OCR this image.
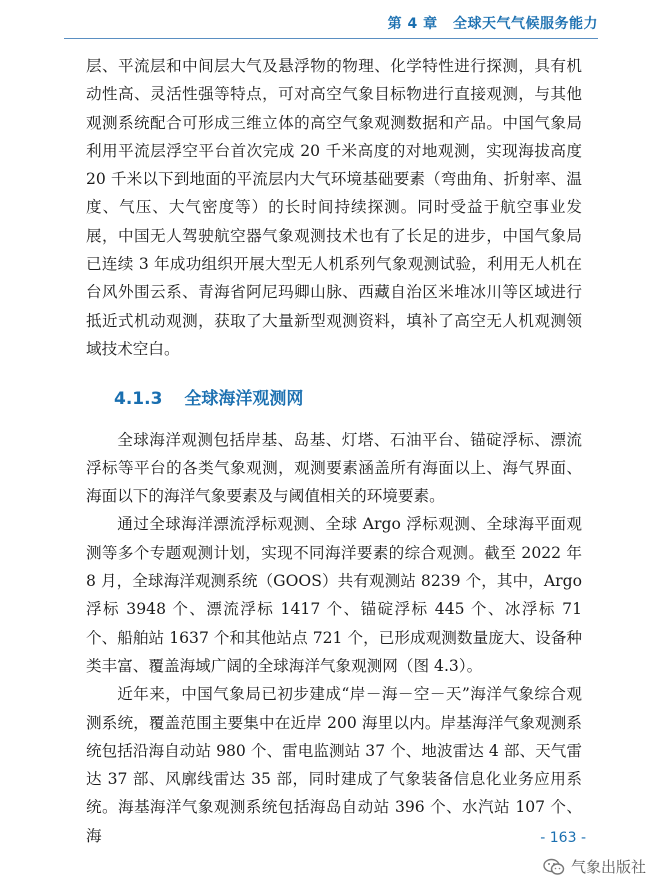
第 4 章 全球天气气候服务能力

层、平流层和中间层大气及悬浮物的物理、化学特性进行探测，具有机动性高、灵活性强等特点，可对高空气象目标物进行直接观测，与其他观测系统配合可形成三维立体的高空气象观测数据和产品。中国气象局利用平流层浮空平台首次完成 20 千米高度的对地观测，实现海拔高度 20 千米以下到地面的平流层内大气环境基础要素（弯曲角、折射率、温度、气压、大气密度等）的长时间持续探测。同时受益于航空事业发展，中国无人驾驶航空器气象观测技术也有了长足的进步，中国气象局已连续 3 年成功组织开展大型无人机系列气象观测试验，利用无人机在台风外围云系、青海省阿尼玛卿山脉、西藏自治区米堆冰川等区域进行抵近式机动观测，获取了大量新型观测资料，填补了高空无人机观测领域技术空白。

4.1.3 全球海洋观测网

全球海洋观测包括岸基、岛基、灯塔、石油平台、锚碇浮标、漂流浮标等平台的各类气象观测，观测要素涵盖所有海面以上、海气界面、海面以下的海洋气象要素及与阈值相关的环境要素。

通过全球海洋漂流浮标观测、全球 Argo 浮标观测、全球海平面观测等多个专题观测计划，实现不同海洋要素的综合观测。截至 2022 年 8 月，全球海洋观测系统（GOOS）共有观测站 8239 个，其中，Argo 浮标 3948 个、漂流浮标 1417 个、锚碇浮标 445 个、冰浮标 71 个、船舶站 1637 个和其他站点 721 个，已形成观测数量庞大、设备种类丰富、覆盖海域广阔的全球海洋气象观测网（图 4.3）。

近年来，中国气象局已初步建成“岸－海－空－天”海洋气象综合观测系统，覆盖范围主要集中在近岸 200 海里以内。岸基海洋气象观测系统包括沿海自动站 980 个、雷电监测站 37 个、地波雷达 4 部、天气雷达 37 部、风廓线雷达 35 部，同时建成了气象装备信息化业务应用系统。海基海洋气象观测系统包括海岛自动站 396 个、水汽站 107 个、海	- 163 -
气象出版社
